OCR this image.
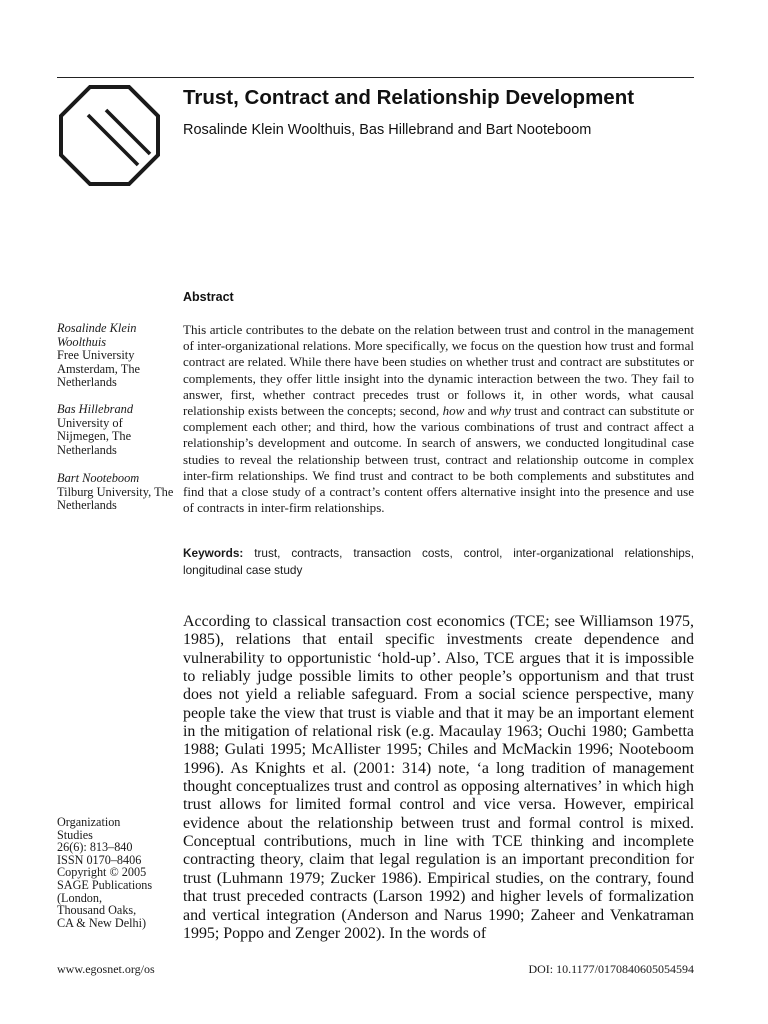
Trust, Contract and Relationship Development
Rosalinde Klein Woolthuis, Bas Hillebrand and Bart Nooteboom
Abstract
Rosalinde Klein Woolthuis
Free University Amsterdam, The Netherlands
Bas Hillebrand
University of Nijmegen, The Netherlands
Bart Nooteboom
Tilburg University, The Netherlands
This article contributes to the debate on the relation between trust and control in the management of inter-organizational relations. More specifically, we focus on the question how trust and formal contract are related. While there have been studies on whether trust and contract are substitutes or complements, they offer little insight into the dynamic interaction between the two. They fail to answer, first, whether contract precedes trust or follows it, in other words, what causal relationship exists between the concepts; second, how and why trust and contract can substitute or complement each other; and third, how the various combinations of trust and contract affect a relationship’s development and outcome. In search of answers, we conducted longitudinal case studies to reveal the relationship between trust, contract and relationship outcome in complex inter-firm relationships. We find trust and contract to be both complements and substitutes and find that a close study of a contract’s content offers alternative insight into the presence and use of contracts in inter-firm relationships.
Keywords: trust, contracts, transaction costs, control, inter-organizational relationships, longitudinal case study
According to classical transaction cost economics (TCE; see Williamson 1975, 1985), relations that entail specific investments create dependence and vulnerability to opportunistic ‘hold-up’. Also, TCE argues that it is impossible to reliably judge possible limits to other people’s opportunism and that trust does not yield a reliable safeguard. From a social science perspective, many people take the view that trust is viable and that it may be an important element in the mitigation of relational risk (e.g. Macaulay 1963; Ouchi 1980; Gambetta 1988; Gulati 1995; McAllister 1995; Chiles and McMackin 1996; Nooteboom 1996). As Knights et al. (2001: 314) note, ‘a long tradition of management thought conceptualizes trust and control as opposing alternatives’ in which high trust allows for limited formal control and vice versa. However, empirical evidence about the relationship between trust and formal control is mixed. Conceptual contributions, much in line with TCE thinking and incomplete contracting theory, claim that legal regulation is an important precondition for trust (Luhmann 1979; Zucker 1986). Empirical studies, on the contrary, found that trust preceded contracts (Larson 1992) and higher levels of formalization and vertical integration (Anderson and Narus 1990; Zaheer and Venkatraman 1995; Poppo and Zenger 2002). In the words of
Organization
Studies
26(6): 813–840
ISSN 0170–8406
Copyright © 2005
SAGE Publications
(London,
Thousand Oaks,
CA & New Delhi)
www.egosnet.org/os	DOI: 10.1177/0170840605054594
